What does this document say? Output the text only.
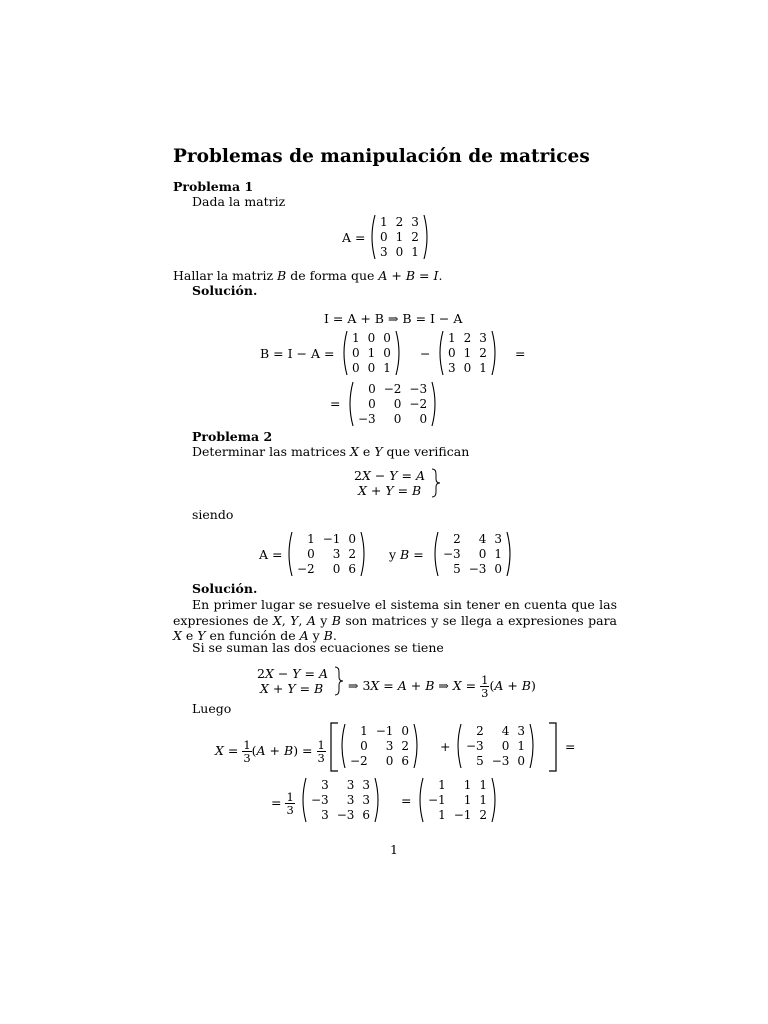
Problemas de manipulación de matrices
Problema 1
Dada la matriz
A =
1	2	3
0	1	2
3	0	1
Hallar la matriz B de forma que A + B = I.
Solución.
I = A + B ⇒ B = I − A
B = I − A =
1	0	0
0	1	0
0	0	1
−
1	2	3
0	1	2
3	0	1
=
=
0	−2	−3
0	0	−2
−3	0	0
Problema 2
Determinar las matrices X e Y que verifican
2X − Y = A
X + Y = B
siendo
A =
1	−1	0
0	3	2
−2	0	6
y B =
2	4	3
−3	0	1
5	−3	0
Solución.
En primer lugar se resuelve el sistema sin tener en cuenta que las expresiones de X, Y, A y B son matrices y se llega a expresiones para X e Y en función de A y B.
Si se suman las dos ecuaciones se tiene
2X − Y = A
X + Y = B ⇒ 3X = A + B ⇒ $X = \frac{1}{3} (A + B)$
Luego
$X = \frac{1}{3} (A + B) = \frac{1}{3}$
1	−1	0
0	3	2
−2	0	6
+
2	4	3
−3	0	1
5	−3	0
=
= $\frac{1}{3}$
3	3	3
−3	3	3
3	−3	6
=
1	1	1
−1	1	1
1	−1	2
1
